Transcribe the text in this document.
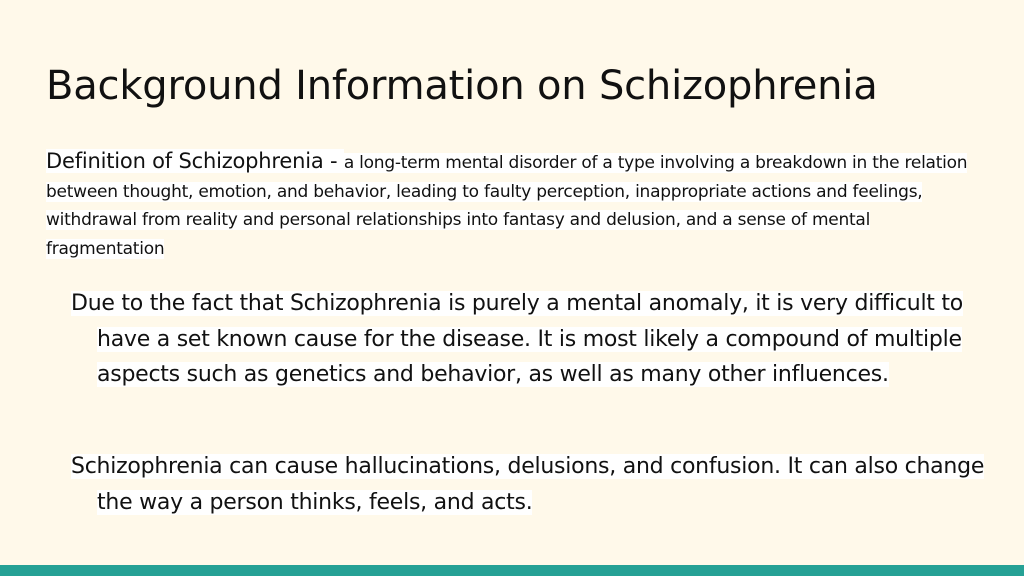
Background Information on Schizophrenia

Definition of Schizophrenia - a long-term mental disorder of a type involving a breakdown in the relation between thought, emotion, and behavior, leading to faulty perception, inappropriate actions and feelings, withdrawal from reality and personal relationships into fantasy and delusion, and a sense of mental fragmentation

Due to the fact that Schizophrenia is purely a mental anomaly, it is very difficult to have a set known cause for the disease. It is most likely a compound of multiple aspects such as genetics and behavior, as well as many other influences.

Schizophrenia can cause hallucinations, delusions, and confusion. It can also change the way a person thinks, feels, and acts.
